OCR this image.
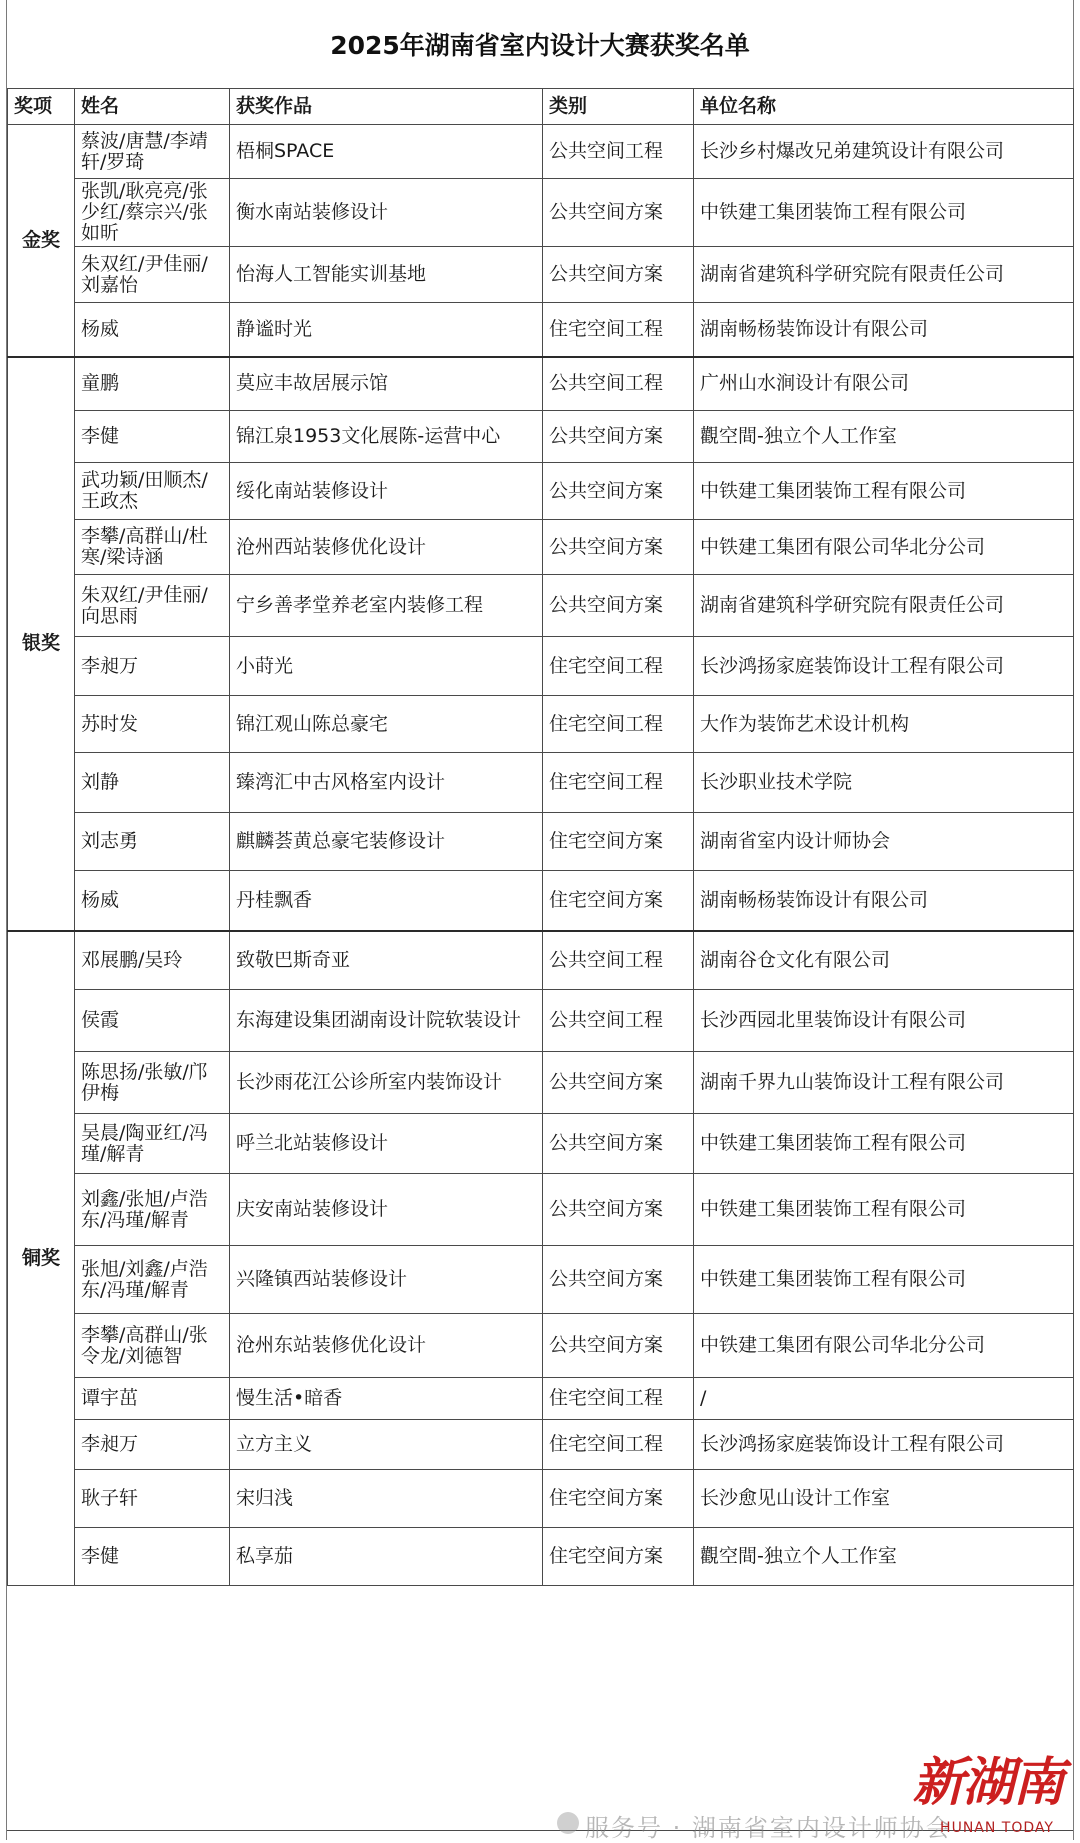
2025年湖南省室内设计大赛获奖名单
奖项	姓名	获奖作品	类别	单位名称
金奖	蔡波/唐慧/李靖轩/罗琦	梧桐SPACE	公共空间工程	长沙乡村爆改兄弟建筑设计有限公司
	张凯/耿亮亮/张少红/蔡宗兴/张如昕	衡水南站装修设计	公共空间方案	中铁建工集团装饰工程有限公司
	朱双红/尹佳丽/刘嘉怡	怡海人工智能实训基地	公共空间方案	湖南省建筑科学研究院有限责任公司
	杨威	静谧时光	住宅空间工程	湖南畅杨装饰设计有限公司
银奖	童鹏	莫应丰故居展示馆	公共空间工程	广州山水涧设计有限公司
	李健	锦江泉1953文化展陈-运营中心	公共空间方案	觀空間-独立个人工作室
	武功颖/田顺杰/王政杰	绥化南站装修设计	公共空间方案	中铁建工集团装饰工程有限公司
	李攀/高群山/杜寒/梁诗涵	沧州西站装修优化设计	公共空间方案	中铁建工集团有限公司华北分公司
	朱双红/尹佳丽/向思雨	宁乡善孝堂养老室内装修工程	公共空间方案	湖南省建筑科学研究院有限责任公司
	李昶万	小莳光	住宅空间工程	长沙鸿扬家庭装饰设计工程有限公司
	苏时发	锦江观山陈总豪宅	住宅空间工程	大作为装饰艺术设计机构
	刘静	臻湾汇中古风格室内设计	住宅空间工程	长沙职业技术学院
	刘志勇	麒麟荟黄总豪宅装修设计	住宅空间方案	湖南省室内设计师协会
	杨威	丹桂飘香	住宅空间方案	湖南畅杨装饰设计有限公司
铜奖	邓展鹏/吴玲	致敬巴斯奇亚	公共空间工程	湖南谷仓文化有限公司
	侯霞	东海建设集团湖南设计院软装设计	公共空间工程	长沙西园北里装饰设计有限公司
	陈思扬/张敏/邝伊梅	长沙雨花江公诊所室内装饰设计	公共空间方案	湖南千界九山装饰设计工程有限公司
	吴晨/陶亚红/冯瑾/解青	呼兰北站装修设计	公共空间方案	中铁建工集团装饰工程有限公司
	刘鑫/张旭/卢浩东/冯瑾/解青	庆安南站装修设计	公共空间方案	中铁建工集团装饰工程有限公司
	张旭/刘鑫/卢浩东/冯瑾/解青	兴隆镇西站装修设计	公共空间方案	中铁建工集团装饰工程有限公司
	李攀/高群山/张令龙/刘德智	沧州东站装修优化设计	公共空间方案	中铁建工集团有限公司华北分公司
	谭宇茁	慢生活•暗香	住宅空间工程	/
	李昶万	立方主义	住宅空间工程	长沙鸿扬家庭装饰设计工程有限公司
	耿子轩	宋归浅	住宅空间方案	长沙愈见山设计工作室
	李健	私享茄	住宅空间方案	觀空間-独立个人工作室
服务号 · 湖南省室内设计师协会
新湖南
HUNAN TODAY
